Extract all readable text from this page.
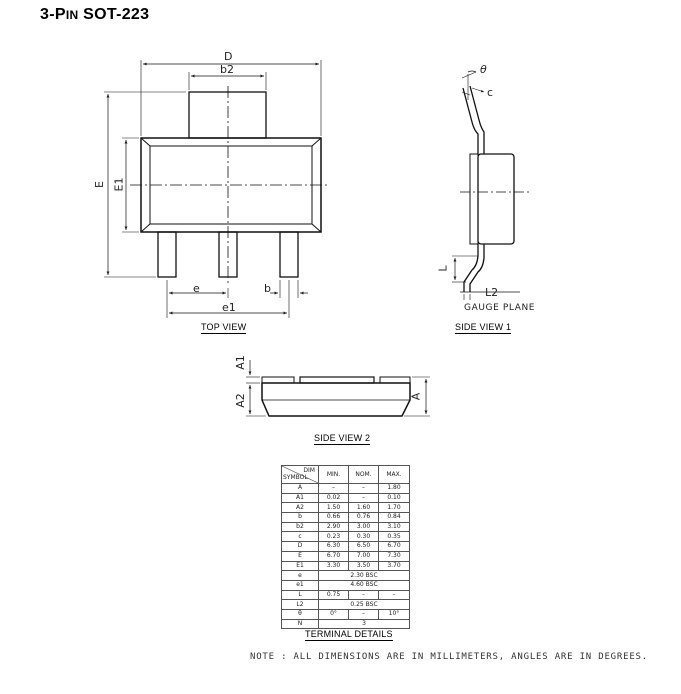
3-PIN SOT-223
D
b2
E E1
e	b
e1
θ
c
L
L2
GAUGE PLANE
A1
A2	A
TOP VIEW	SIDE VIEW 1
SIDE VIEW 2
TERMINAL DETAILS
DIM
SYMBOL	MIN.	NOM.	MAX.
A	–	–	1.80
A1	0.02	–	0.10
A2	1.50	1.60	1.70
b	0.66	0.76	0.84
b2	2.90	3.00	3.10
c	0.23	0.30	0.35
D	6.30	6.50	6.70
E	6.70	7.00	7.30
E1	3.30	3.50	3.70
e	2.30 BSC		
e1	4.60 BSC		
L	0.75	–	–
L2	0.25 BSC		
θ	0°	–	10°
N	3		
NOTE : ALL DIMENSIONS ARE IN MILLIMETERS, ANGLES ARE IN DEGREES.
